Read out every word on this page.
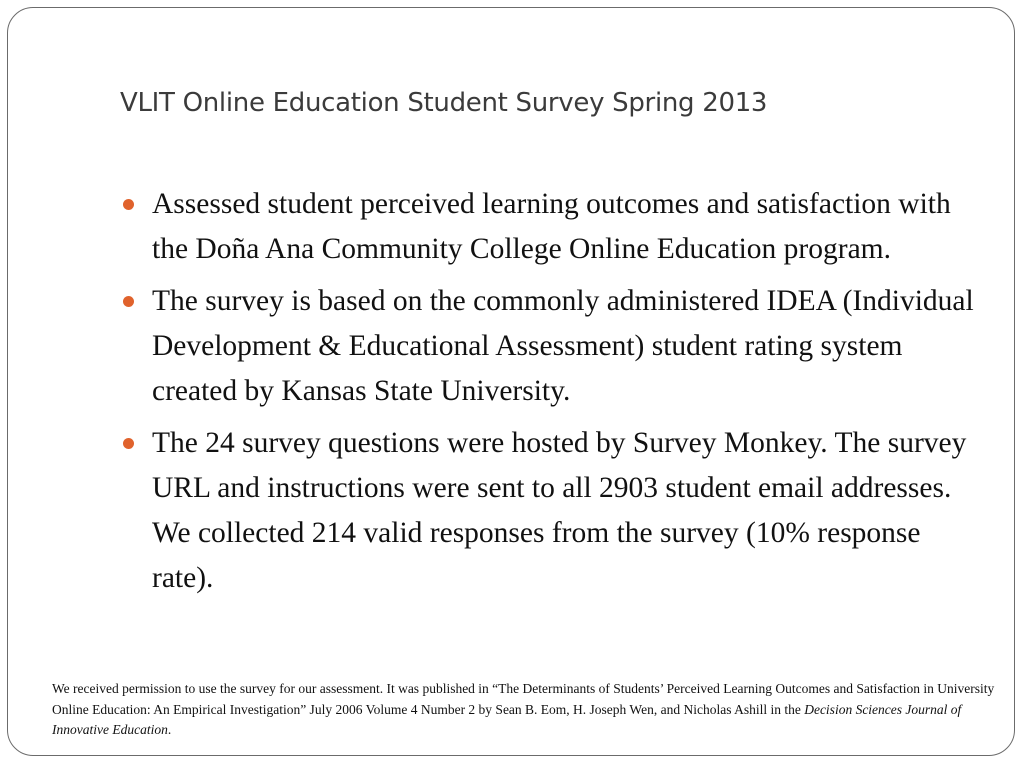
VLIT Online Education Student Survey Spring 2013
Assessed student perceived learning outcomes and satisfaction with the Doña Ana Community College Online Education program.
The survey is based on the commonly administered IDEA (Individual Development & Educational Assessment) student rating system created by Kansas State University.
The 24 survey questions were hosted by Survey Monkey. The survey URL and instructions were sent to all 2903 student email addresses. We collected 214 valid responses from the survey (10% response rate).

We received permission to use the survey for our assessment. It was published in “The Determinants of Students’ Perceived Learning Outcomes and Satisfaction in University Online Education: An Empirical Investigation” July 2006 Volume 4 Number 2 by Sean B. Eom, H. Joseph Wen, and Nicholas Ashill in the Decision Sciences Journal of Innovative Education.
